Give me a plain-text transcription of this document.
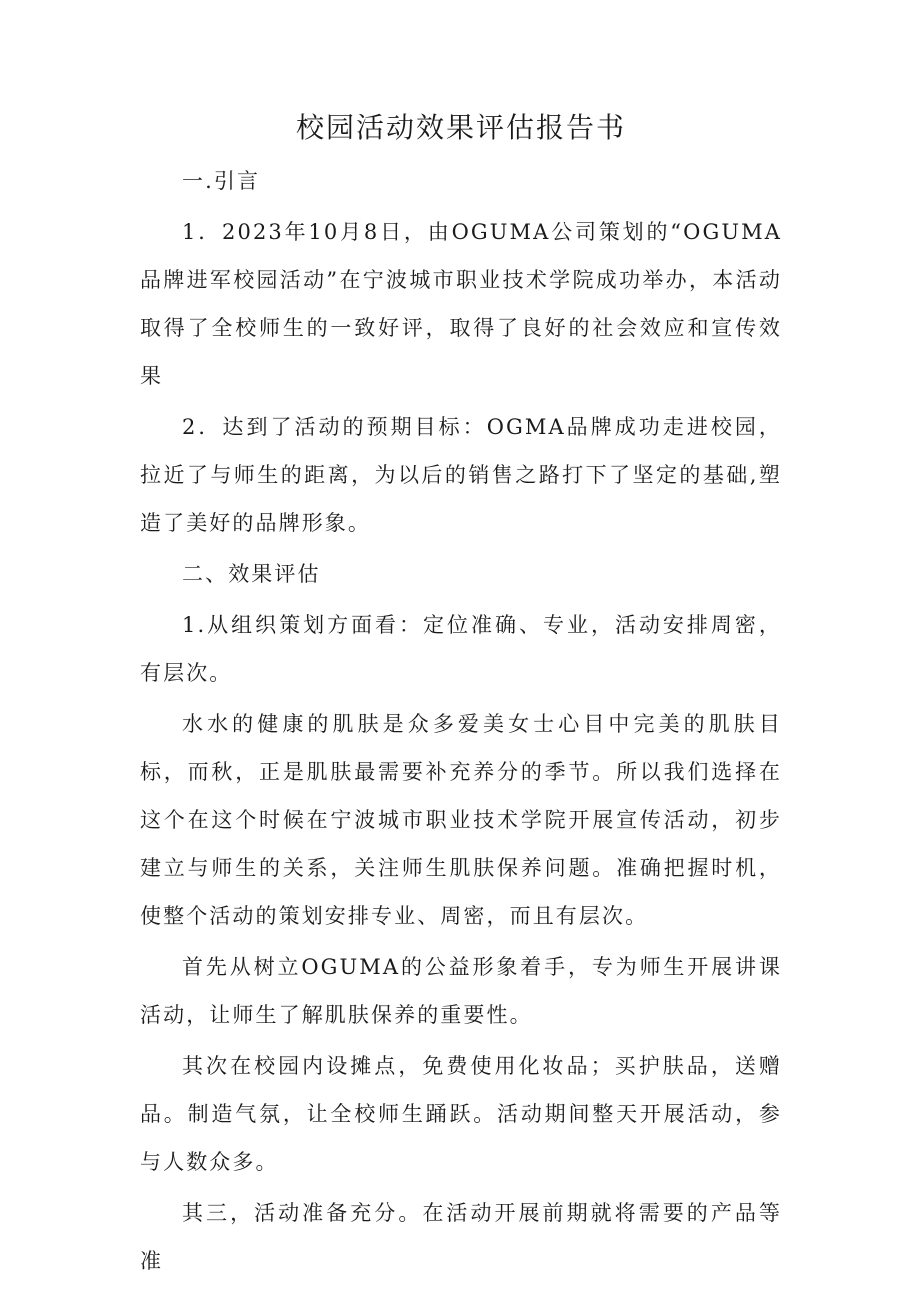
校园活动效果评估报告书
一.引言

1．2023年10月8日，由OGUMA公司策划的“OGUMA品牌进军校园活动”在宁波城市职业技术学院成功举办，本活动取得了全校师生的一致好评，取得了良好的社会效应和宣传效果

2．达到了活动的预期目标：OGMA品牌成功走进校园，拉近了与师生的距离，为以后的销售之路打下了坚定的基础,塑造了美好的品牌形象。

二、效果评估

1.从组织策划方面看：定位准确、专业，活动安排周密，有层次。

水水的健康的肌肤是众多爱美女士心目中完美的肌肤目标，而秋，正是肌肤最需要补充养分的季节。所以我们选择在这个在这个时候在宁波城市职业技术学院开展宣传活动，初步建立与师生的关系，关注师生肌肤保养问题。准确把握时机，使整个活动的策划安排专业、周密，而且有层次。

首先从树立OGUMA的公益形象着手，专为师生开展讲课活动，让师生了解肌肤保养的重要性。

其次在校园内设摊点，免费使用化妆品；买护肤品，送赠品。制造气氛，让全校师生踊跃。活动期间整天开展活动，参与人数众多。

其三，活动准备充分。在活动开展前期就将需要的产品等准
